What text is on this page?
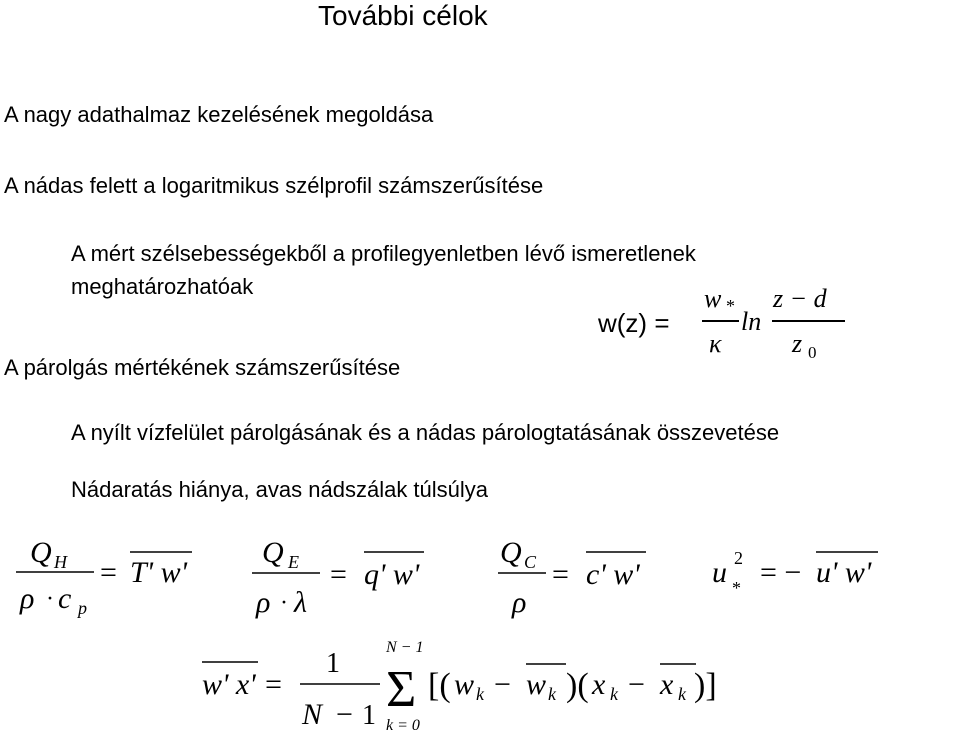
További célok
A nagy adathalmaz kezelésének megoldása
A nádas felett a logaritmikus szélprofil számszerűsítése
A mért szélsebességekből a profilegyenletben lévő ismeretlenek
meghatározhatóak
A párolgás mértékének számszerűsítése
A nyílt vízfelület párolgásának és a nádas párologtatásának összevetése
Nádaratás hiánya, avas nádszálak túlsúlya
w(z) =
w *
κ
ln
z − d
z 0
Q H
ρ · c p
= T' w'
Q E
ρ · λ
= q' w'
Q C
ρ
= c' w' u 2
* = − u' w'
w' x' =
1
N − 1
N − 1
Σ
k = 0
[( w k − w k )( x k − x k )]
